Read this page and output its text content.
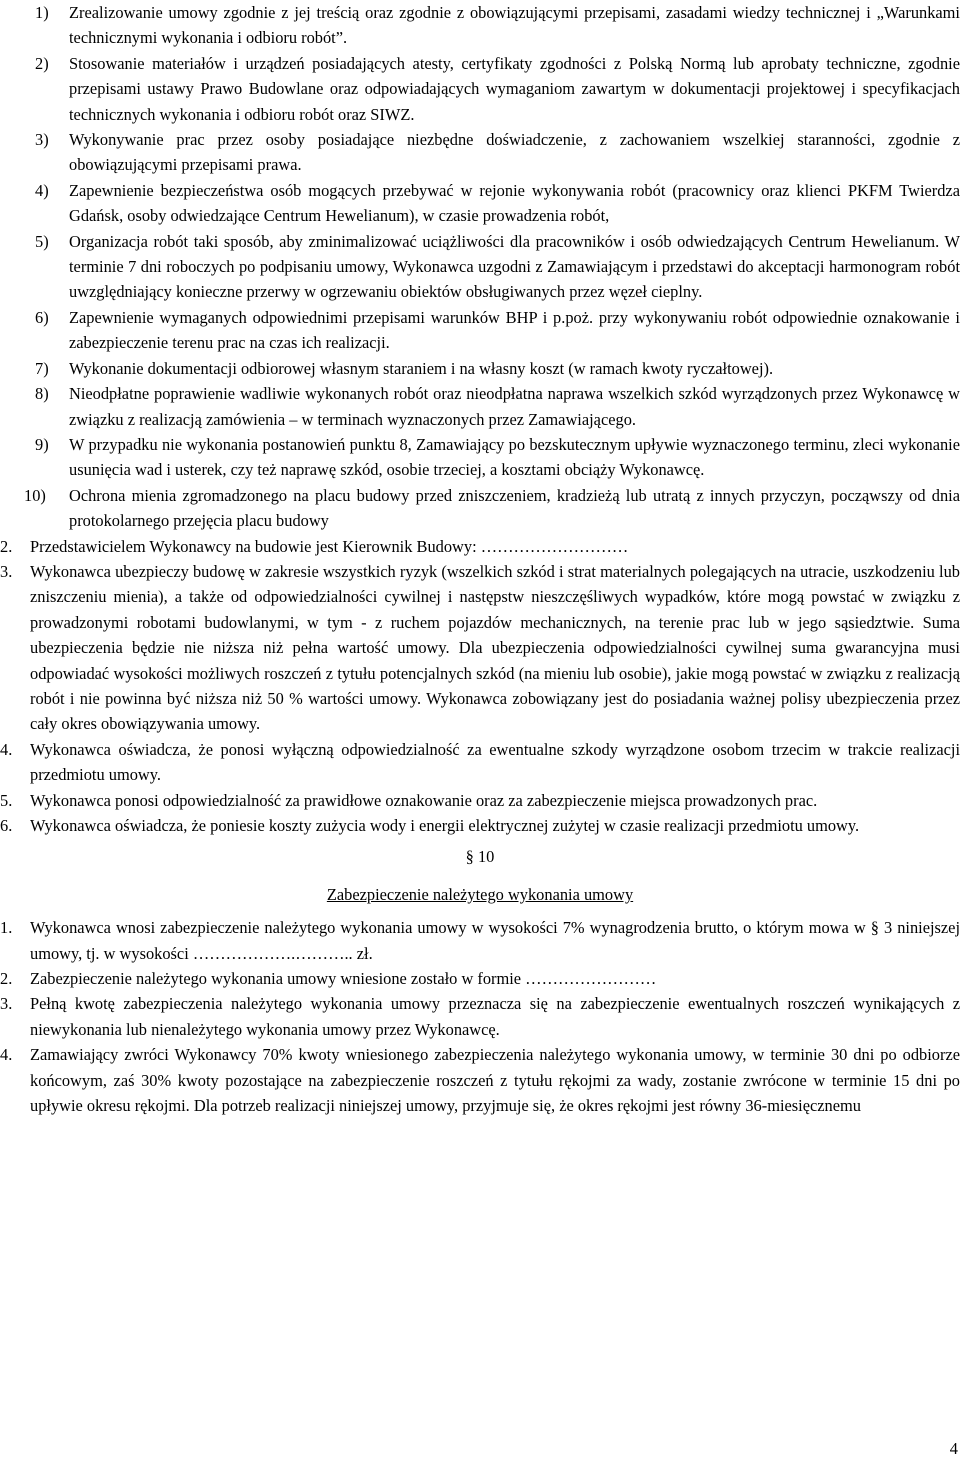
1) Zrealizowanie umowy zgodnie z jej treścią oraz zgodnie z obowiązującymi przepisami, zasadami wiedzy technicznej i „Warunkami technicznymi wykonania i odbioru robót”.
2) Stosowanie materiałów i urządzeń posiadających atesty, certyfikaty zgodności z Polską Normą lub aprobaty techniczne, zgodnie przepisami ustawy Prawo Budowlane oraz odpowiadających wymaganiom zawartym w dokumentacji projektowej i specyfikacjach technicznych wykonania i odbioru robót oraz SIWZ.
3) Wykonywanie prac przez osoby posiadające niezbędne doświadczenie, z zachowaniem wszelkiej staranności, zgodnie z obowiązującymi przepisami prawa.
4) Zapewnienie bezpieczeństwa osób mogących przebywać w rejonie wykonywania robót (pracownicy oraz klienci PKFM Twierdza Gdańsk, osoby odwiedzające Centrum Hewelianum), w czasie prowadzenia robót,
5) Organizacja robót taki sposób, aby zminimalizować uciążliwości dla pracowników i osób odwiedzających Centrum Hewelianum. W terminie 7 dni roboczych po podpisaniu umowy, Wykonawca uzgodni z Zamawiającym i przedstawi do akceptacji harmonogram robót uwzględniający konieczne przerwy w ogrzewaniu obiektów obsługiwanych przez węzeł cieplny.
6) Zapewnienie wymaganych odpowiednimi przepisami warunków BHP i p.poż. przy wykonywaniu robót odpowiednie oznakowanie i zabezpieczenie terenu prac na czas ich realizacji.
7) Wykonanie dokumentacji odbiorowej własnym staraniem i na własny koszt (w ramach kwoty ryczałtowej).
8) Nieodpłatne poprawienie wadliwie wykonanych robót oraz nieodpłatna naprawa wszelkich szkód wyrządzonych przez Wykonawcę w związku z realizacją zamówienia – w terminach wyznaczonych przez Zamawiającego.
9) W przypadku nie wykonania postanowień punktu 8, Zamawiający po bezskutecznym upływie wyznaczonego terminu, zleci wykonanie usunięcia wad i usterek, czy też naprawę szkód, osobie trzeciej, a kosztami obciąży Wykonawcę.
10) Ochrona mienia zgromadzonego na placu budowy przed zniszczeniem, kradzieżą lub utratą z innych przyczyn, począwszy od dnia protokolarnego przejęcia placu budowy
2. Przedstawicielem Wykonawcy na budowie jest Kierownik Budowy: ………………………
3. Wykonawca ubezpieczy budowę w zakresie wszystkich ryzyk (wszelkich szkód i strat materialnych polegających na utracie, uszkodzeniu lub zniszczeniu mienia), a także od odpowiedzialności cywilnej i następstw nieszczęśliwych wypadków, które mogą powstać w związku z prowadzonymi robotami budowlanymi, w tym - z ruchem pojazdów mechanicznych, na terenie prac lub w jego sąsiedztwie. Suma ubezpieczenia będzie nie niższa niż pełna wartość umowy. Dla ubezpieczenia odpowiedzialności cywilnej suma gwarancyjna musi odpowiadać wysokości możliwych roszczeń z tytułu potencjalnych szkód (na mieniu lub osobie), jakie mogą powstać w związku z realizacją robót i nie powinna być niższa niż 50 % wartości umowy. Wykonawca zobowiązany jest do posiadania ważnej polisy ubezpieczenia przez cały okres obowiązywania umowy.
4. Wykonawca oświadcza, że ponosi wyłączną odpowiedzialność za ewentualne szkody wyrządzone osobom trzecim w trakcie realizacji przedmiotu umowy.
5. Wykonawca ponosi odpowiedzialność za prawidłowe oznakowanie oraz za zabezpieczenie miejsca prowadzonych prac.
6. Wykonawca oświadcza, że poniesie koszty zużycia wody i energii elektrycznej zużytej w czasie realizacji przedmiotu umowy.
§ 10
Zabezpieczenie należytego wykonania umowy
1. Wykonawca wnosi zabezpieczenie należytego wykonania umowy w wysokości 7% wynagrodzenia brutto, o którym mowa w § 3 niniejszej umowy, tj. w wysokości ……………….……….. zł.
2. Zabezpieczenie należytego wykonania umowy wniesione zostało w formie ……………………
3. Pełną kwotę zabezpieczenia należytego wykonania umowy przeznacza się na zabezpieczenie ewentualnych roszczeń wynikających z niewykonania lub nienależytego wykonania umowy przez Wykonawcę.
4. Zamawiający zwróci Wykonawcy 70% kwoty wniesionego zabezpieczenia należytego wykonania umowy, w terminie 30 dni po odbiorze końcowym, zaś 30% kwoty pozostające na zabezpieczenie roszczeń z tytułu rękojmi za wady, zostanie zwrócone w terminie 15 dni po upływie okresu rękojmi. Dla potrzeb realizacji niniejszej umowy, przyjmuje się, że okres rękojmi jest równy 36-miesięcznemu
4
